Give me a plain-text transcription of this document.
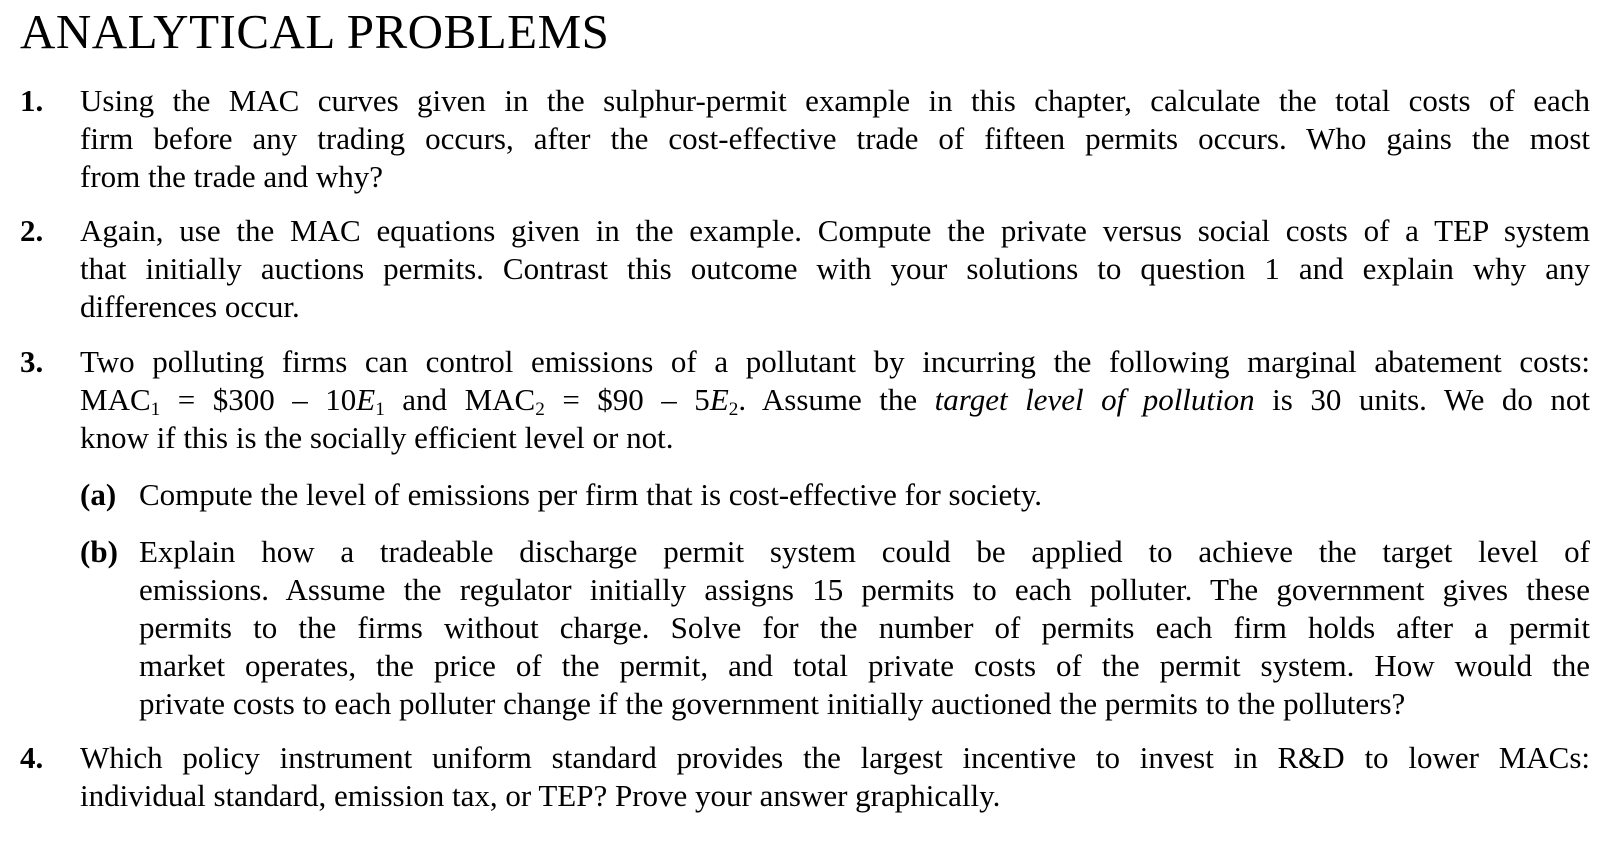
ANALYTICAL PROBLEMS
1. Using the MAC curves given in the sulphur-permit example in this chapter, calculate the total costs of each
firm before any trading occurs, after the cost-effective trade of fifteen permits occurs. Who gains the most
from the trade and why?
2. Again, use the MAC equations given in the example. Compute the private versus social costs of a TEP system
that initially auctions permits. Contrast this outcome with your solutions to question 1 and explain why any
differences occur.
3. Two polluting firms can control emissions of a pollutant by incurring the following marginal abatement costs:
$MAC_1$ = $300 – $10E_1$ and $MAC_2$ = $90 – $5E_2$. Assume the target level of pollution is 30 units. We do not
know if this is the socially efficient level or not.
(a) Compute the level of emissions per firm that is cost-effective for society.
(b) Explain how a tradeable discharge permit system could be applied to achieve the target level of
emissions. Assume the regulator initially assigns 15 permits to each polluter. The government gives these
permits to the firms without charge. Solve for the number of permits each firm holds after a permit
market operates, the price of the permit, and total private costs of the permit system. How would the
private costs to each polluter change if the government initially auctioned the permits to the polluters?
4. Which policy instrument uniform standard provides the largest incentive to invest in R&D to lower MACs:
individual standard, emission tax, or TEP? Prove your answer graphically.
